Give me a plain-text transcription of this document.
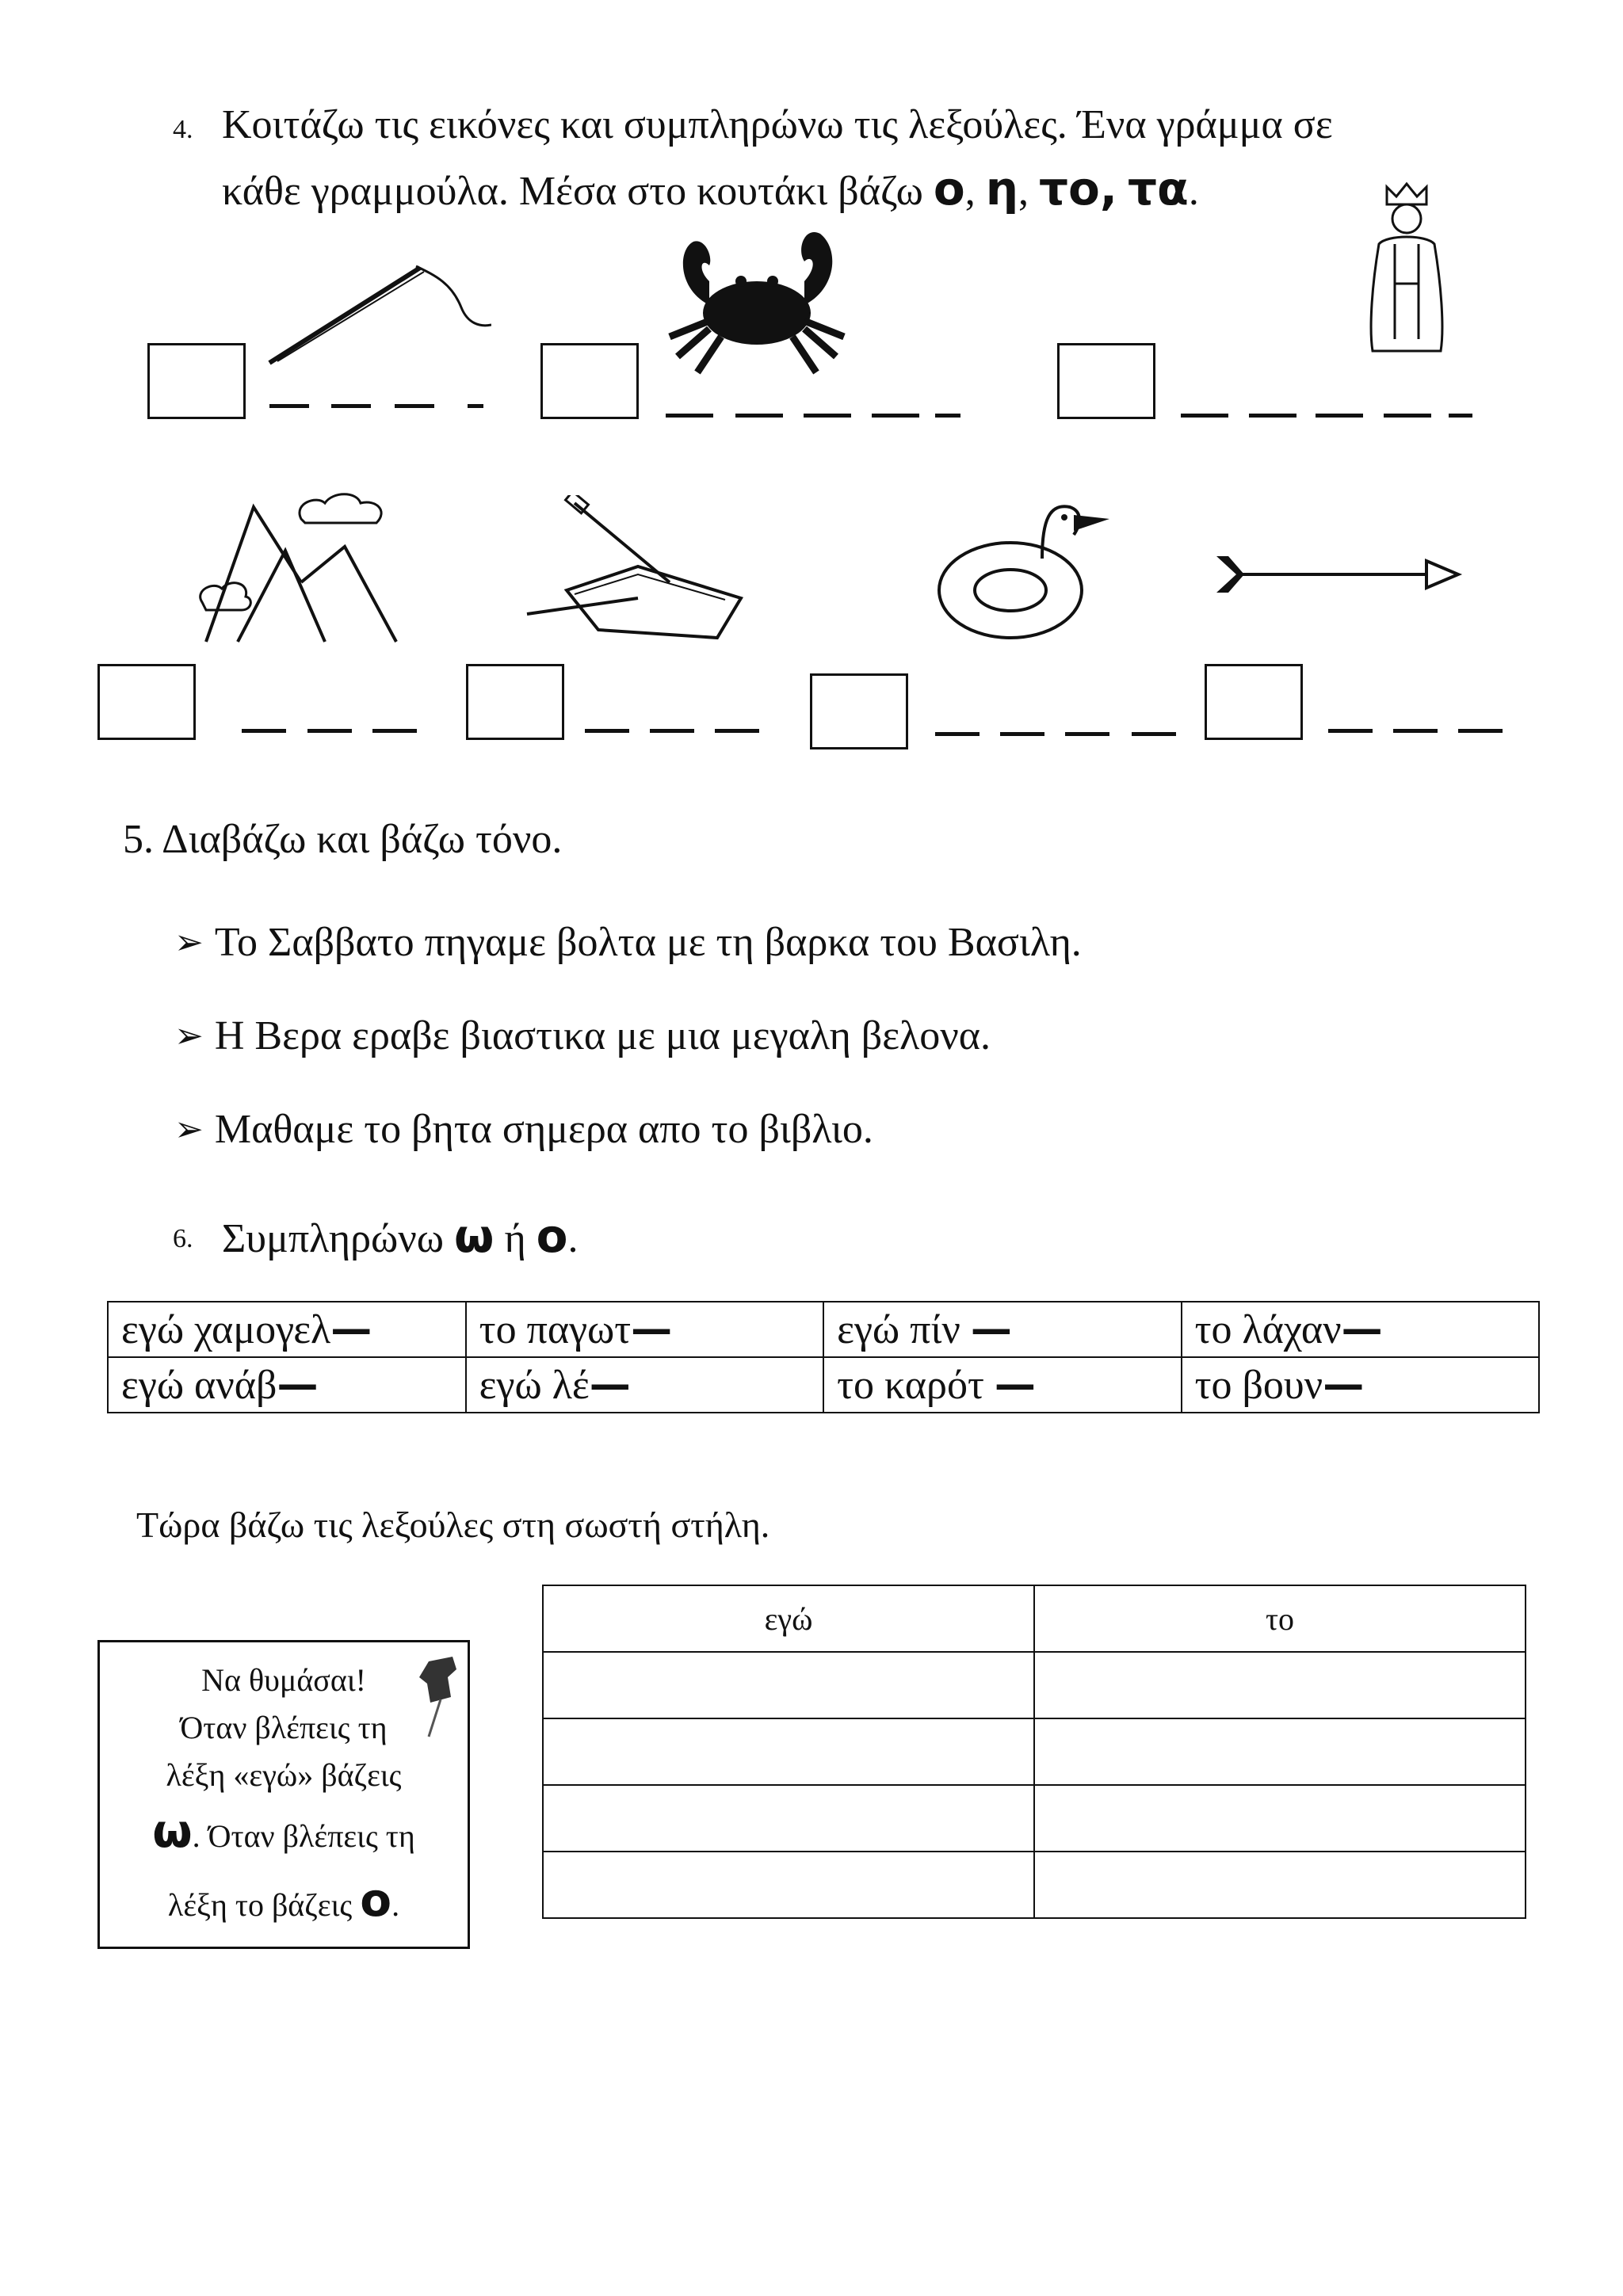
4. Κοιτάζω τις εικόνες και συμπληρώνω τις λεξούλες. Ένα γράμμα σε
κάθε γραμμούλα. Μέσα στο κουτάκι βάζω ο, η, το, τα.
5. Διαβάζω και βάζω τόνο.
➢ Το Σαββατο πηγαμε βολτα με τη βαρκα του Βασιλη.
➢ Η Βερα εραβε βιαστικα με μια μεγαλη βελονα.
➢ Μαθαμε το βητα σημερα απο το βιβλιο.
6. Συμπληρώνω ω ή ο.
εγώ χαμογελ—	το παγωτ—	εγώ πίν —	το λάχαν—
εγώ ανάβ—	εγώ λέ—	το καρότ —	το βουν—
Τώρα βάζω τις λεξούλες στη σωστή στήλη.
εγώ	το

Να θυμάσαι!
Όταν βλέπεις τη
λέξη «εγώ» βάζεις
ω. Όταν βλέπεις τη
λέξη το βάζεις ο.
